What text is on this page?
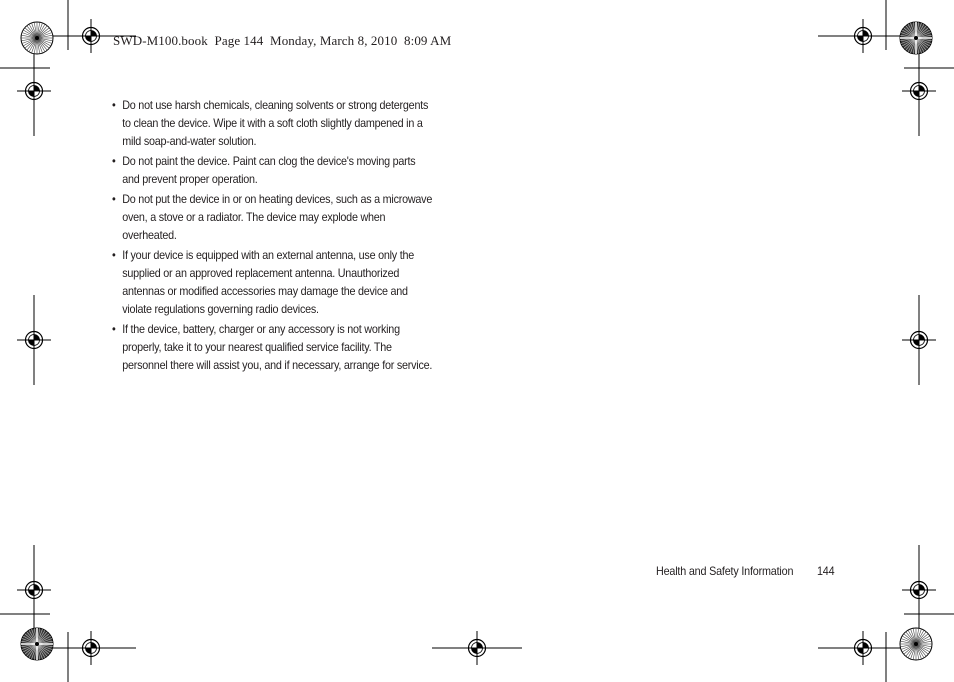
SWD-M100.book  Page 144  Monday, March 8, 2010  8:09 AM
• Do not use harsh chemicals, cleaning solvents or strong detergents to clean the device. Wipe it with a soft cloth slightly dampened in a mild soap-and-water solution.
• Do not paint the device. Paint can clog the device's moving parts and prevent proper operation.
• Do not put the device in or on heating devices, such as a microwave oven, a stove or a radiator. The device may explode when overheated.
• If your device is equipped with an external antenna, use only the supplied or an approved replacement antenna. Unauthorized antennas or modified accessories may damage the device and violate regulations governing radio devices.
• If the device, battery, charger or any accessory is not working properly, take it to your nearest qualified service facility. The personnel there will assist you, and if necessary, arrange for service.
Health and Safety Information 144
